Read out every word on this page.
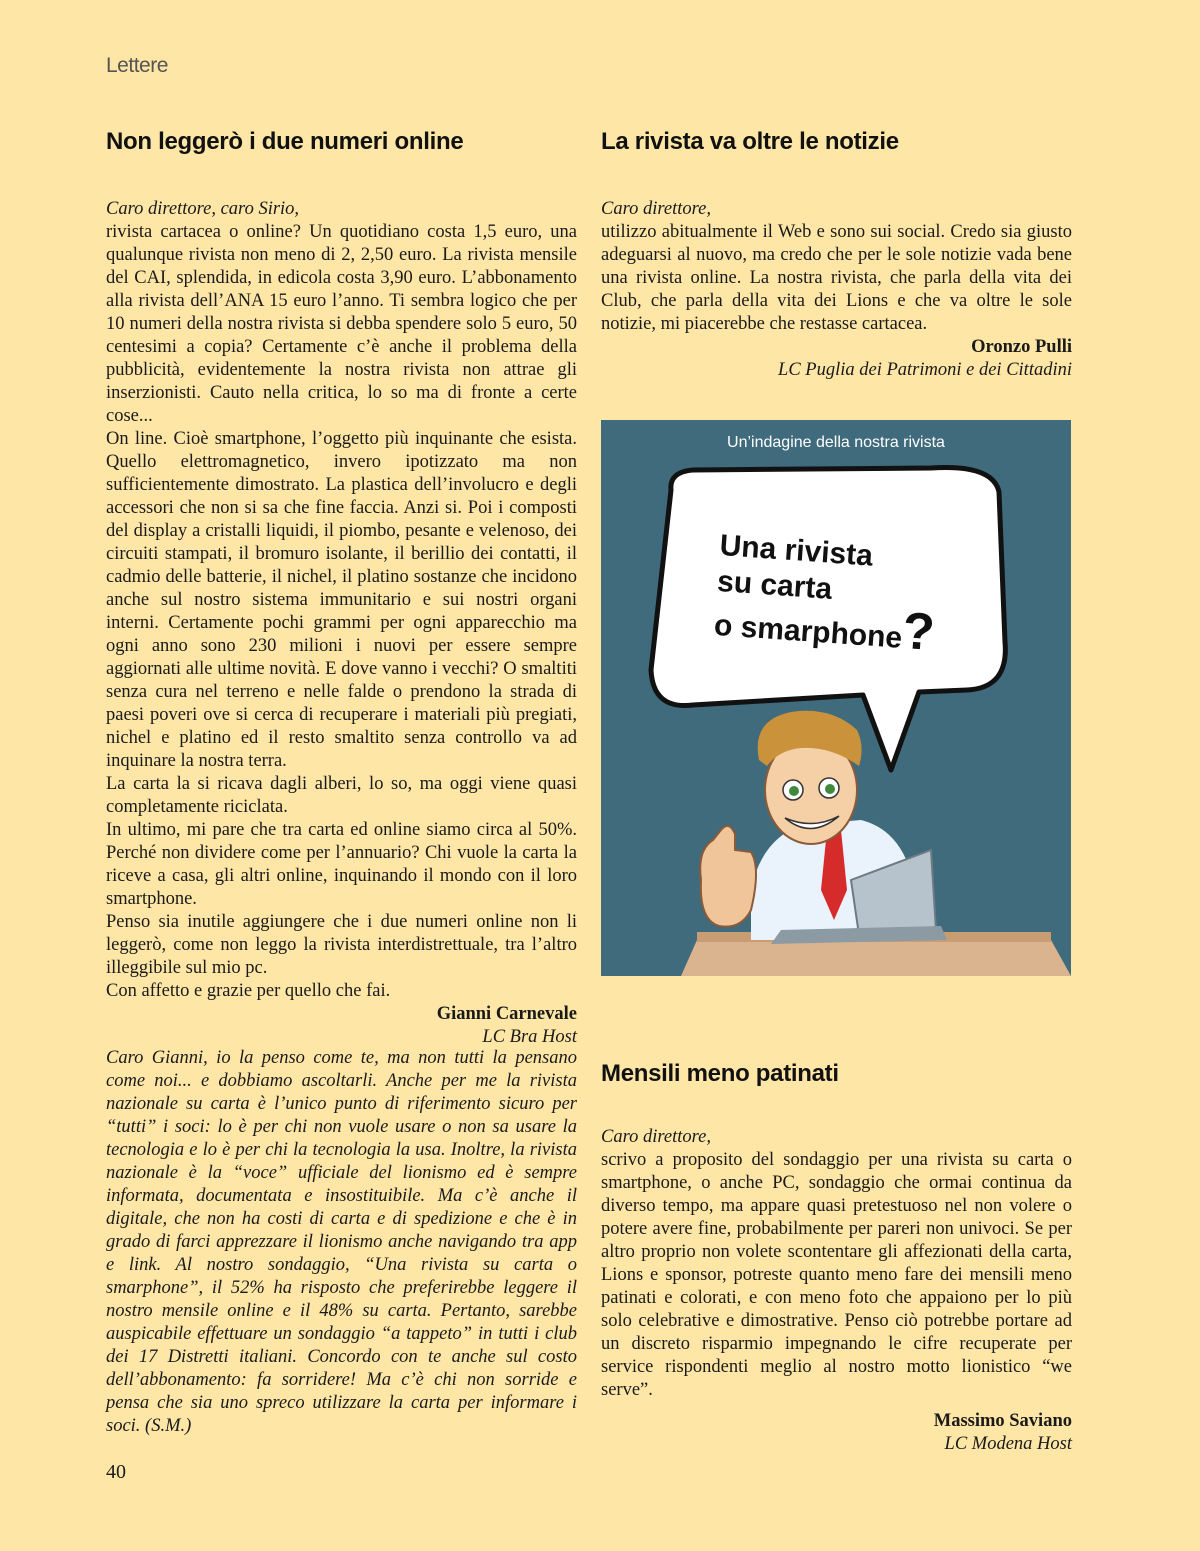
Lettere
Non leggerò i due numeri online
Caro direttore, caro Sirio,

rivista cartacea o online? Un quotidiano costa 1,5 euro, una qualunque rivista non meno di 2, 2,50 euro. La rivista mensile del CAI, splendida, in edicola costa 3,90 euro. L’abbonamento alla rivista dell’ANA 15 euro l’anno. Ti sembra logico che per 10 numeri della nostra rivista si debba spendere solo 5 euro, 50 centesimi a copia? Certamente c’è anche il problema della pubblicità, evidentemente la nostra rivista non attrae gli inserzionisti. Cauto nella critica, lo so ma di fronte a certe cose...

On line. Cioè smartphone, l’oggetto più inquinante che esista. Quello elettromagnetico, invero ipotizzato ma non sufficientemente dimostrato. La plastica dell’involucro e degli accessori che non si sa che fine faccia. Anzi si. Poi i composti del display a cristalli liquidi, il piombo, pesante e velenoso, dei circuiti stampati, il bromuro isolante, il berillio dei contatti, il cadmio delle batterie, il nichel, il platino sostanze che incidono anche sul nostro sistema immunitario e sui nostri organi interni. Certamente pochi grammi per ogni apparecchio ma ogni anno sono 230 milioni i nuovi per essere sempre aggiornati alle ultime novità. E dove vanno i vecchi? O smaltiti senza cura nel terreno e nelle falde o prendono la strada di paesi poveri ove si cerca di recuperare i materiali più pregiati, nichel e platino ed il resto smaltito senza controllo va ad inquinare la nostra terra.

La carta la si ricava dagli alberi, lo so, ma oggi viene quasi completamente riciclata.

In ultimo, mi pare che tra carta ed online siamo circa al 50%. Perché non dividere come per l’annuario? Chi vuole la carta la riceve a casa, gli altri online, inquinando il mondo con il loro smartphone.

Penso sia inutile aggiungere che i due numeri online non li leggerò, come non leggo la rivista interdistrettuale, tra l’altro illeggibile sul mio pc.

Con affetto e grazie per quello che fai.

Gianni Carnevale
LC Bra Host
Caro Gianni, io la penso come te, ma non tutti la pensano come noi... e dobbiamo ascoltarli. Anche per me la rivista nazionale su carta è l’unico punto di riferimento sicuro per “tutti” i soci: lo è per chi non vuole usare o non sa usare la tecnologia e lo è per chi la tecnologia la usa. Inoltre, la rivista nazionale è la “voce” ufficiale del lionismo ed è sempre informata, documentata e insostituibile. Ma c’è anche il digitale, che non ha costi di carta e di spedizione e che è in grado di farci apprezzare il lionismo anche navigando tra app e link. Al nostro sondaggio, “Una rivista su carta o smarphone”, il 52% ha risposto che preferirebbe leggere il nostro mensile online e il 48% su carta. Pertanto, sarebbe auspicabile effettuare un sondaggio “a tappeto” in tutti i club dei 17 Distretti italiani. Concordo con te anche sul costo dell’abbonamento: fa sorridere! Ma c’è chi non sorride e pensa che sia uno spreco utilizzare la carta per informare i soci. (S.M.)
La rivista va oltre le notizie
Caro direttore,
utilizzo abitualmente il Web e sono sui social. Credo sia giusto adeguarsi al nuovo, ma credo che per le sole notizie vada bene una rivista online. La nostra rivista, che parla della vita dei Club, che parla della vita dei Lions e che va oltre le sole notizie, mi piacerebbe che restasse cartacea.
Oronzo Pulli
LC Puglia dei Patrimoni e dei Cittadini
Un’indagine della nostra rivista
Una rivista
su carta
o smarphone?
Mensili meno patinati
Caro direttore,
scrivo a proposito del sondaggio per una rivista su carta o smartphone, o anche PC, sondaggio che ormai continua da diverso tempo, ma appare quasi pretestuoso nel non volere o potere avere fine, probabilmente per pareri non univoci. Se per altro proprio non volete scontentare gli affezionati della carta, Lions e sponsor, potreste quanto meno fare dei mensili meno patinati e colorati, e con meno foto che appaiono per lo più solo celebrative e dimostrative. Penso ciò potrebbe portare ad un discreto risparmio impegnando le cifre recuperate per service rispondenti meglio al nostro motto lionistico “we serve”.
Massimo Saviano
LC Modena Host
40
